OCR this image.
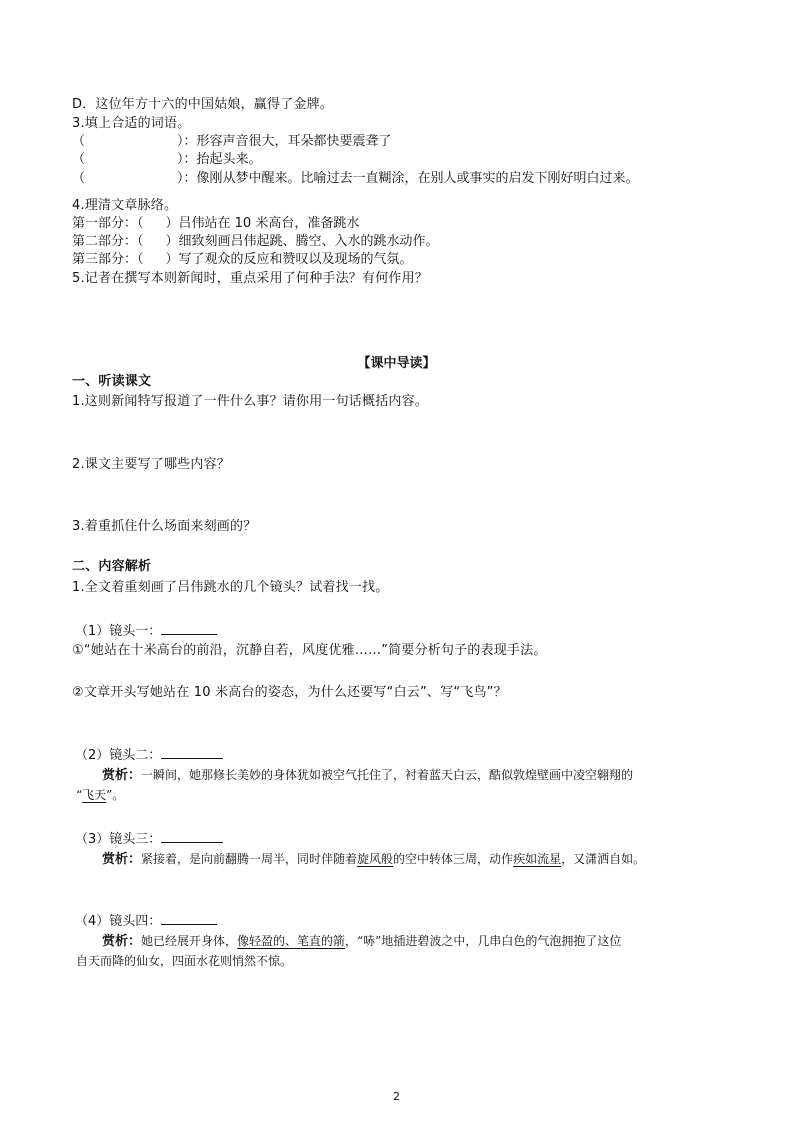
D．这位年方十六的中国姑娘，赢得了金牌。
3.填上合适的词语。
（	）：形容声音很大，耳朵都快要震聋了
（	）：抬起头来。
（	）：像刚从梦中醒来。比喻过去一直糊涂，在别人或事实的启发下刚好明白过来。
4.理清文章脉络。
第一部分：（ ）吕伟站在 10 米高台，准备跳水
第二部分：（ ）细致刻画吕伟起跳、腾空、入水的跳水动作。
第三部分：（ ）写了观众的反应和赞叹以及现场的气氛。
5.记者在撰写本则新闻时，重点采用了何种手法？有何作用？
【课中导读】
一、听读课文
1.这则新闻特写报道了一件什么事？请你用一句话概括内容。
2.课文主要写了哪些内容？
3.着重抓住什么场面来刻画的？
二、内容解析
1.全文着重刻画了吕伟跳水的几个镜头？试着找一找。
（1）镜头一：
①“她站在十米高台的前沿，沉静自若，风度优雅……”简要分析句子的表现手法。
②文章开头写她站在 10 米高台的姿态，为什么还要写“白云”、写“飞鸟”？
（2）镜头二：
赏析：一瞬间，她那修长美妙的身体犹如被空气托住了，衬着蓝天白云，酷似敦煌壁画中凌空翱翔的
“飞天”。
（3）镜头三：
赏析：紧接着，是向前翻腾一周半，同时伴随着旋风般的空中转体三周，动作疾如流星，又潇洒自如。
（4）镜头四：
赏析：她已经展开身体，像轻盈的、笔直的箭，“哧”地插进碧波之中，几串白色的气泡拥抱了这位
自天而降的仙女，四面水花则悄然不惊。
2
